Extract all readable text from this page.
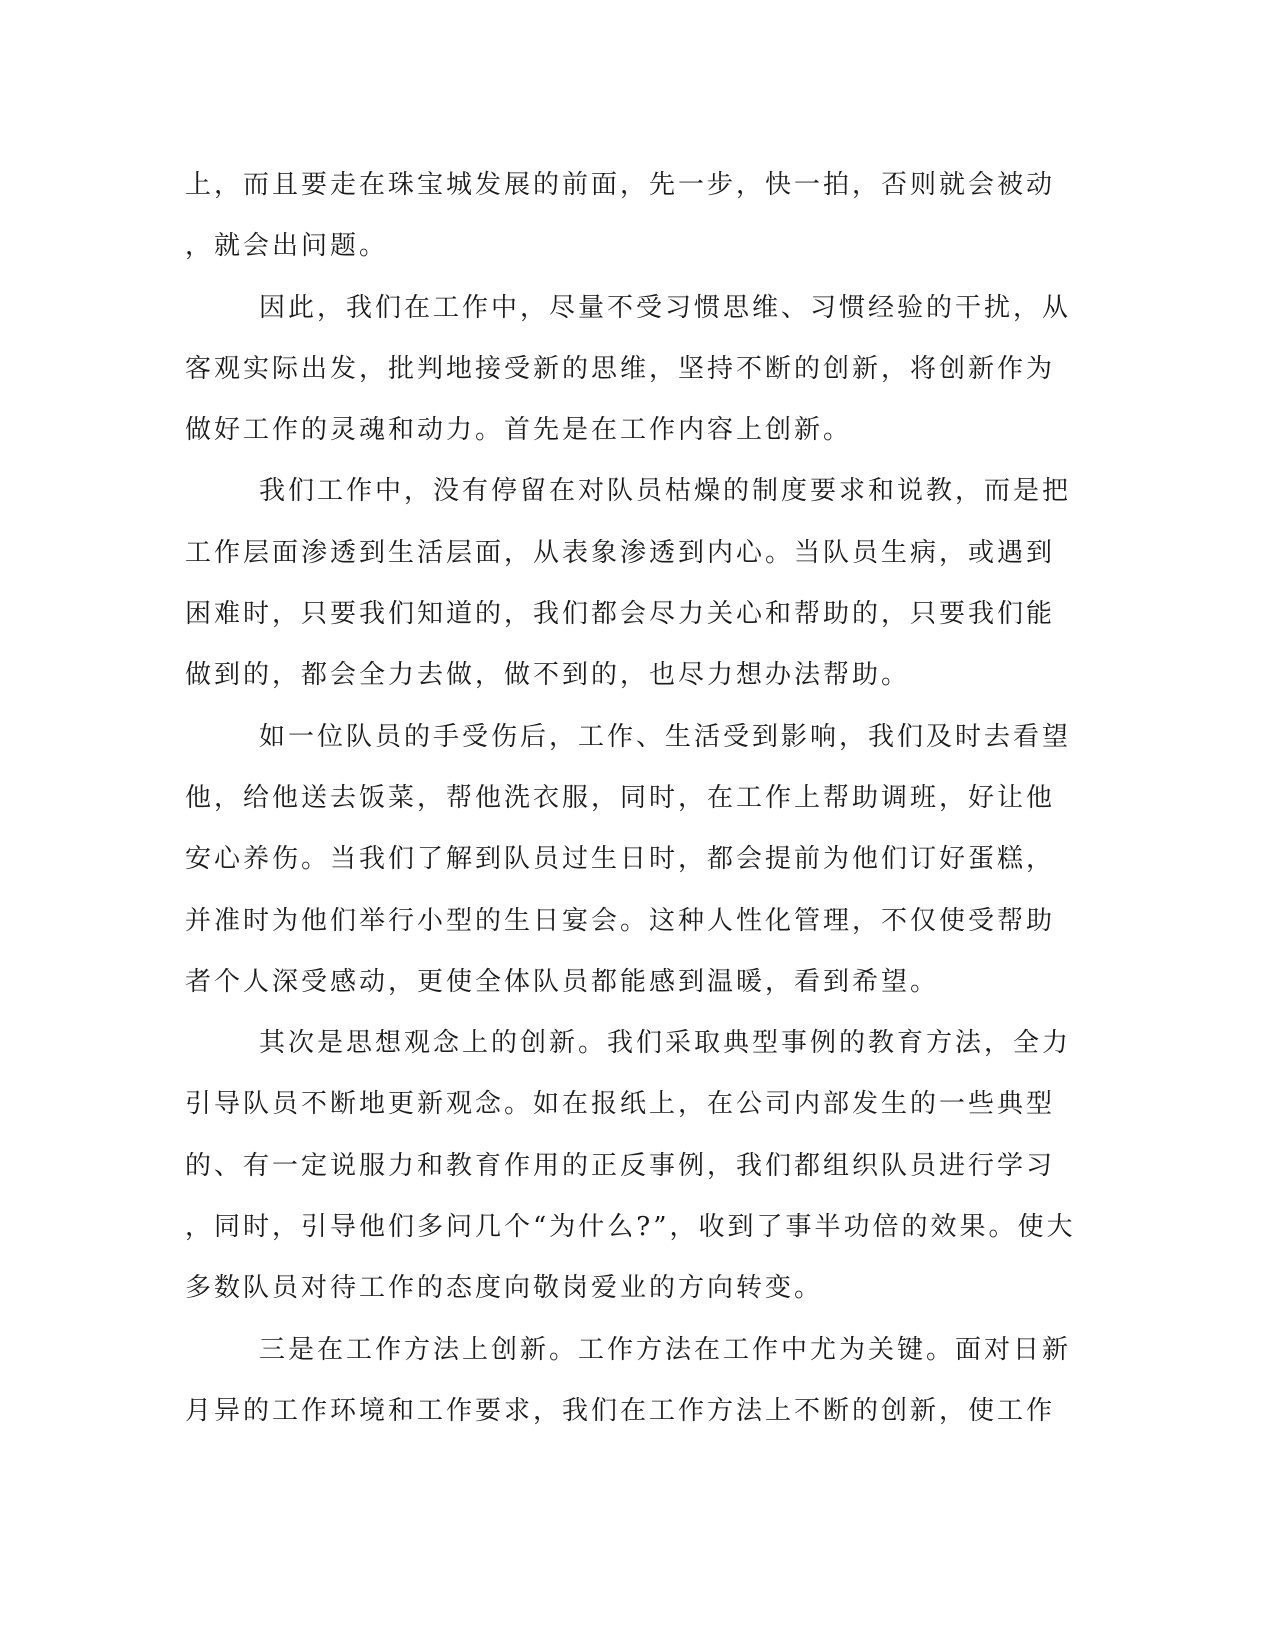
上，而且要走在珠宝城发展的前面，先一步，快一拍，否则就会被动
，就会出问题。
因此，我们在工作中，尽量不受习惯思维、习惯经验的干扰，从
客观实际出发，批判地接受新的思维，坚持不断的创新，将创新作为
做好工作的灵魂和动力。首先是在工作内容上创新。
我们工作中，没有停留在对队员枯燥的制度要求和说教，而是把
工作层面渗透到生活层面，从表象渗透到内心。当队员生病，或遇到
困难时，只要我们知道的，我们都会尽力关心和帮助的，只要我们能
做到的，都会全力去做，做不到的，也尽力想办法帮助。
如一位队员的手受伤后，工作、生活受到影响，我们及时去看望
他，给他送去饭菜，帮他洗衣服，同时，在工作上帮助调班，好让他
安心养伤。当我们了解到队员过生日时，都会提前为他们订好蛋糕，
并准时为他们举行小型的生日宴会。这种人性化管理，不仅使受帮助
者个人深受感动，更使全体队员都能感到温暖，看到希望。
其次是思想观念上的创新。我们采取典型事例的教育方法，全力
引导队员不断地更新观念。如在报纸上，在公司内部发生的一些典型
的、有一定说服力和教育作用的正反事例，我们都组织队员进行学习
，同时，引导他们多问几个“为什么?”，收到了事半功倍的效果。使大
多数队员对待工作的态度向敬岗爱业的方向转变。
三是在工作方法上创新。工作方法在工作中尤为关键。面对日新
月异的工作环境和工作要求，我们在工作方法上不断的创新，使工作
